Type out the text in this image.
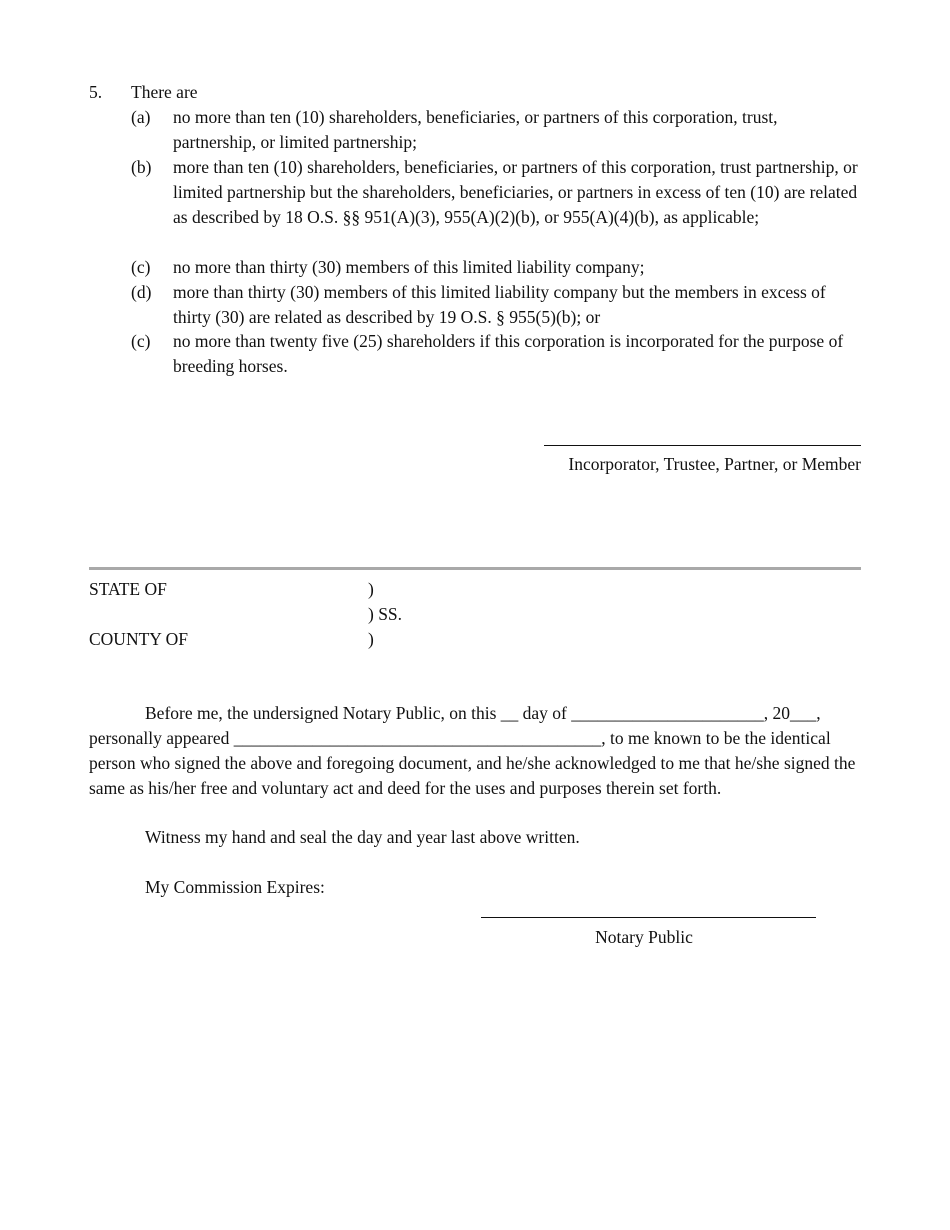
5. There are
(a) no more than ten (10) shareholders, beneficiaries, or partners of this corporation, trust, partnership, or limited partnership;
(b) more than ten (10) shareholders, beneficiaries, or partners of this corporation, trust partnership, or limited partnership but the shareholders, beneficiaries, or partners in excess of ten (10) are related as described by 18 O.S. §§ 951(A)(3), 955(A)(2)(b), or 955(A)(4)(b), as applicable;
(c) no more than thirty (30) members of this limited liability company;
(d) more than thirty (30) members of this limited liability company but the members in excess of thirty (30) are related as described by 19 O.S. § 955(5)(b); or
(c) no more than twenty five (25) shareholders if this corporation is incorporated for the purpose of breeding horses.
Incorporator, Trustee, Partner, or Member
STATE OF
COUNTY OF
)
) SS.
)
Before me, the undersigned Notary Public, on this __ day of ______________________, 20___, personally appeared __________________________________________, to me known to be the identical person who signed the above and foregoing document, and he/she acknowledged to me that he/she signed the same as his/her free and voluntary act and deed for the uses and purposes therein set forth.
Witness my hand and seal the day and year last above written.
My Commission Expires:
Notary Public
